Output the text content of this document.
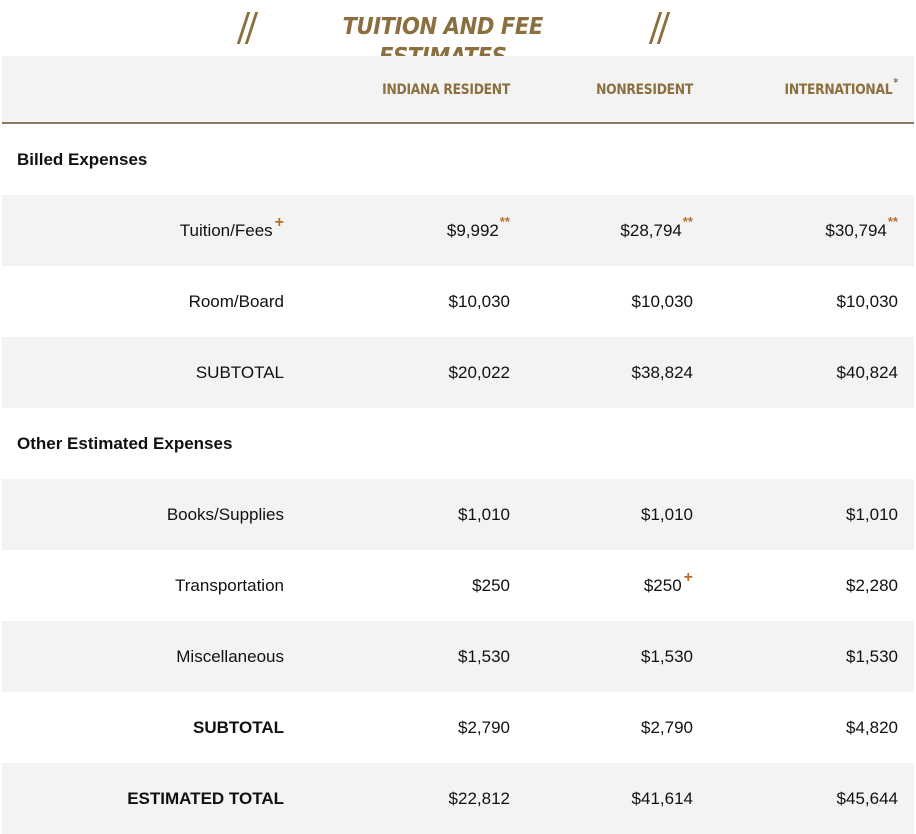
TUITION AND FEE
INDIANA RESIDENT	NONRESIDENT	INTERNATIONAL *
Billed Expenses
Tuition/Fees +	$9,992 **	$28,794 **	$30,794 **
Room/Board	$10,030	$10,030	$10,030
SUBTOTAL	$20,022	$38,824	$40,824
Other Estimated Expenses
Books/Supplies	$1,010	$1,010	$1,010
Transportation	$250	$250 +	$2,280
Miscellaneous	$1,530	$1,530	$1,530
SUBTOTAL	$2,790	$2,790	$4,820
ESTIMATED TOTAL	$22,812	$41,614	$45,644
